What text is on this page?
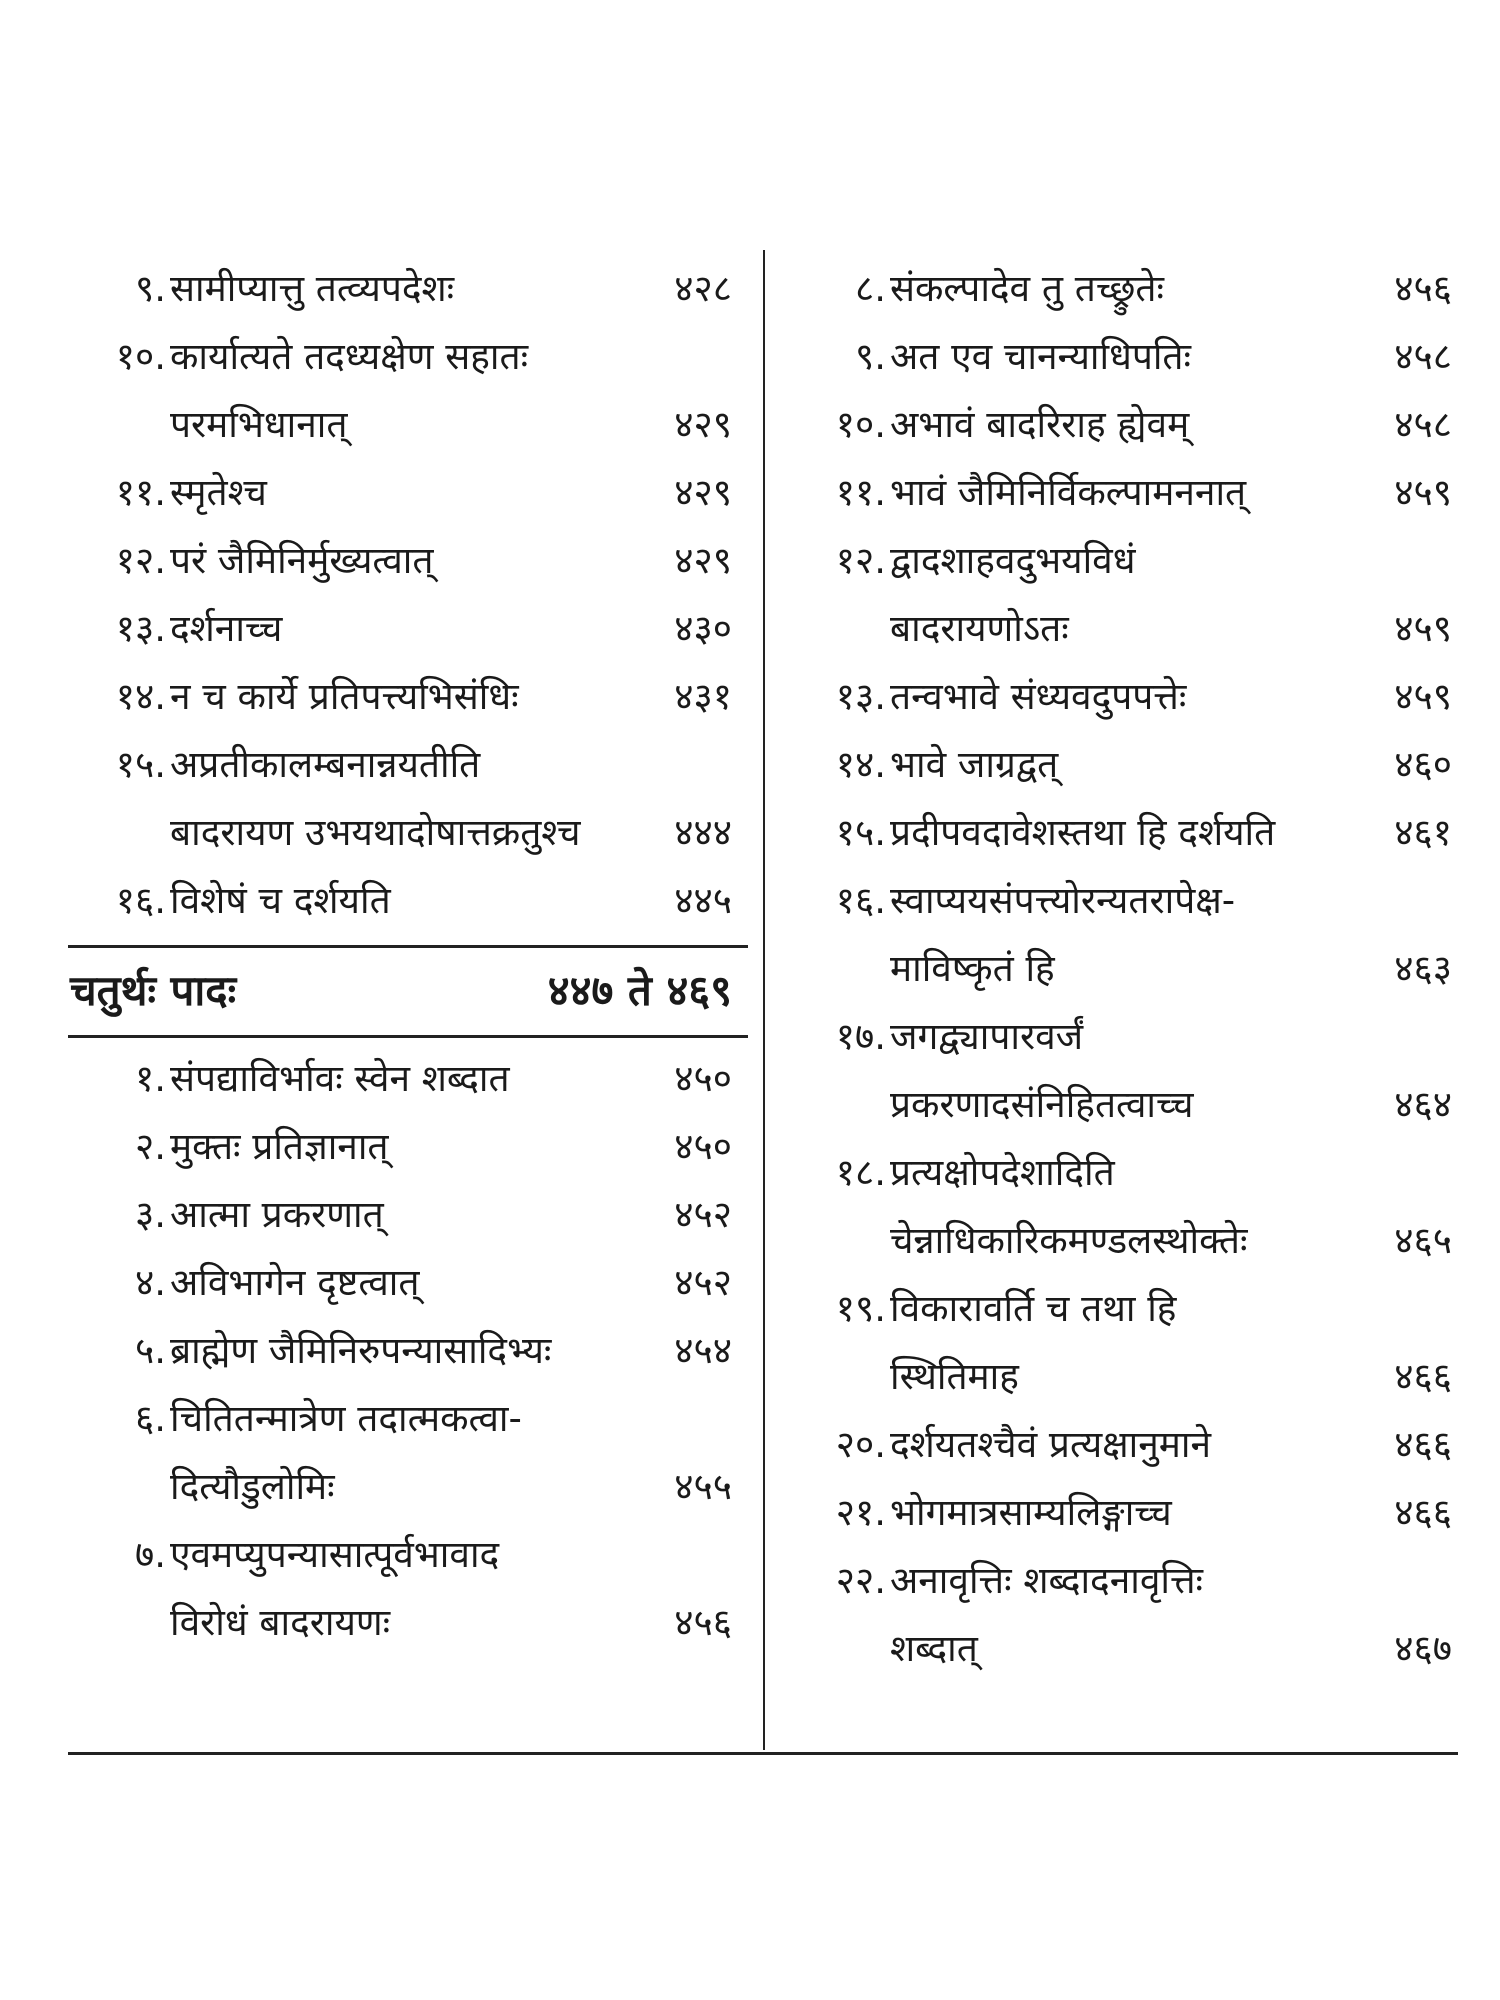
९. सामीप्यात्तु तत्व्यपदेशः	४२८
१०. कार्यात्यते तदध्यक्षेण सहातः
परमभिधानात्	४२९
११. स्मृतेश्च	४२९
१२. परं जैमिनिर्मुख्यत्वात्	४२९
१३. दर्शनाच्च	४३०
१४. न च कार्ये प्रतिपत्त्यभिसंधिः	४३१
१५. अप्रतीकालम्बनान्नयतीति
बादरायण उभयथादोषात्तक्रतुश्च	४४४
१६. विशेषं च दर्शयति	४४५
चतुर्थः पादः	४४७ ते ४६९
१. संपद्याविर्भावः स्वेन शब्दात	४५०
२. मुक्तः प्रतिज्ञानात्	४५०
३. आत्मा प्रकरणात्	४५२
४. अविभागेन दृष्टत्वात्	४५२
५. ब्राह्मेण जैमिनिरुपन्यासादिभ्यः	४५४
६. चितितन्मात्रेण तदात्मकत्वा-
दित्यौडुलोमिः	४५५
७. एवमप्युपन्यासात्पूर्वभावाद
विरोधं बादरायणः	४५६
८. संकल्पादेव तु तच्छ्रुतेः	४५६
९. अत एव चानन्याधिपतिः	४५८
१०. अभावं बादरिराह ह्येवम्	४५८
११. भावं जैमिनिर्विकल्पामननात्	४५९
१२. द्वादशाहवदुभयविधं
बादरायणोऽतः	४५९
१३. तन्वभावे संध्यवदुपपत्तेः	४५९
१४. भावे जाग्रद्वत्	४६०
१५. प्रदीपवदावेशस्तथा हि दर्शयति	४६१
१६. स्वाप्ययसंपत्त्योरन्यतरापेक्ष-
माविष्कृतं हि	४६३
१७. जगद्व्यापारवर्जं
प्रकरणादसंनिहितत्वाच्च	४६४
१८. प्रत्यक्षोपदेशादिति
चेन्नाधिकारिकमण्डलस्थोक्तेः	४६५
१९. विकारावर्ति च तथा हि
स्थितिमाह	४६६
२०. दर्शयतश्चैवं प्रत्यक्षानुमाने	४६६
२१. भोगमात्रसाम्यलिङ्गाच्च	४६६
२२. अनावृत्तिः शब्दादनावृत्तिः
शब्दात्	४६७
